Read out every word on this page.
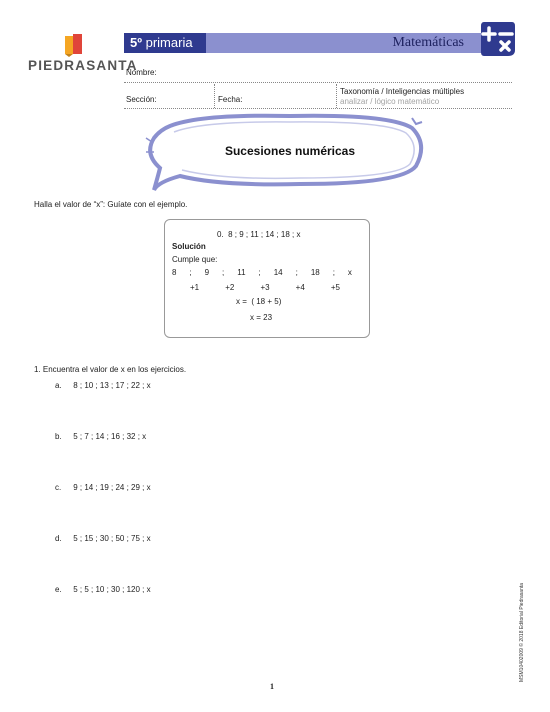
PIEDRASANTA
5º primaria	Matemáticas
Nombre:
Sección:	Fecha:
Taxonomía / Inteligencias múltiples
analizar / lógico matemático
Sucesiones numéricas
Halla el valor de “x”: Guíate con el ejemplo.
0.  8 ; 9 ; 11 ; 14 ; 18 ; x
Solución
Cumple que:
8 ; 9 ; 11 ; 14 ; 18 ; x
+1	+2	+3	+4	+5
x =  ( 18 + 5)
x = 23
1. Encuentra el valor de x en los ejercicios.
a. 8 ; 10 ; 13 ; 17 ; 22 ; x
b. 5 ; 7 ; 14 ; 16 ; 32 ; x
c. 9 ; 14 ; 19 ; 24 ; 29 ; x
d. 5 ; 15 ; 30 ; 50 ; 75 ; x
e. 5 ; 5 ; 10 ; 30 ; 120 ; x	MSM10402009 © 2018 Editorial Piedrasanta
1
